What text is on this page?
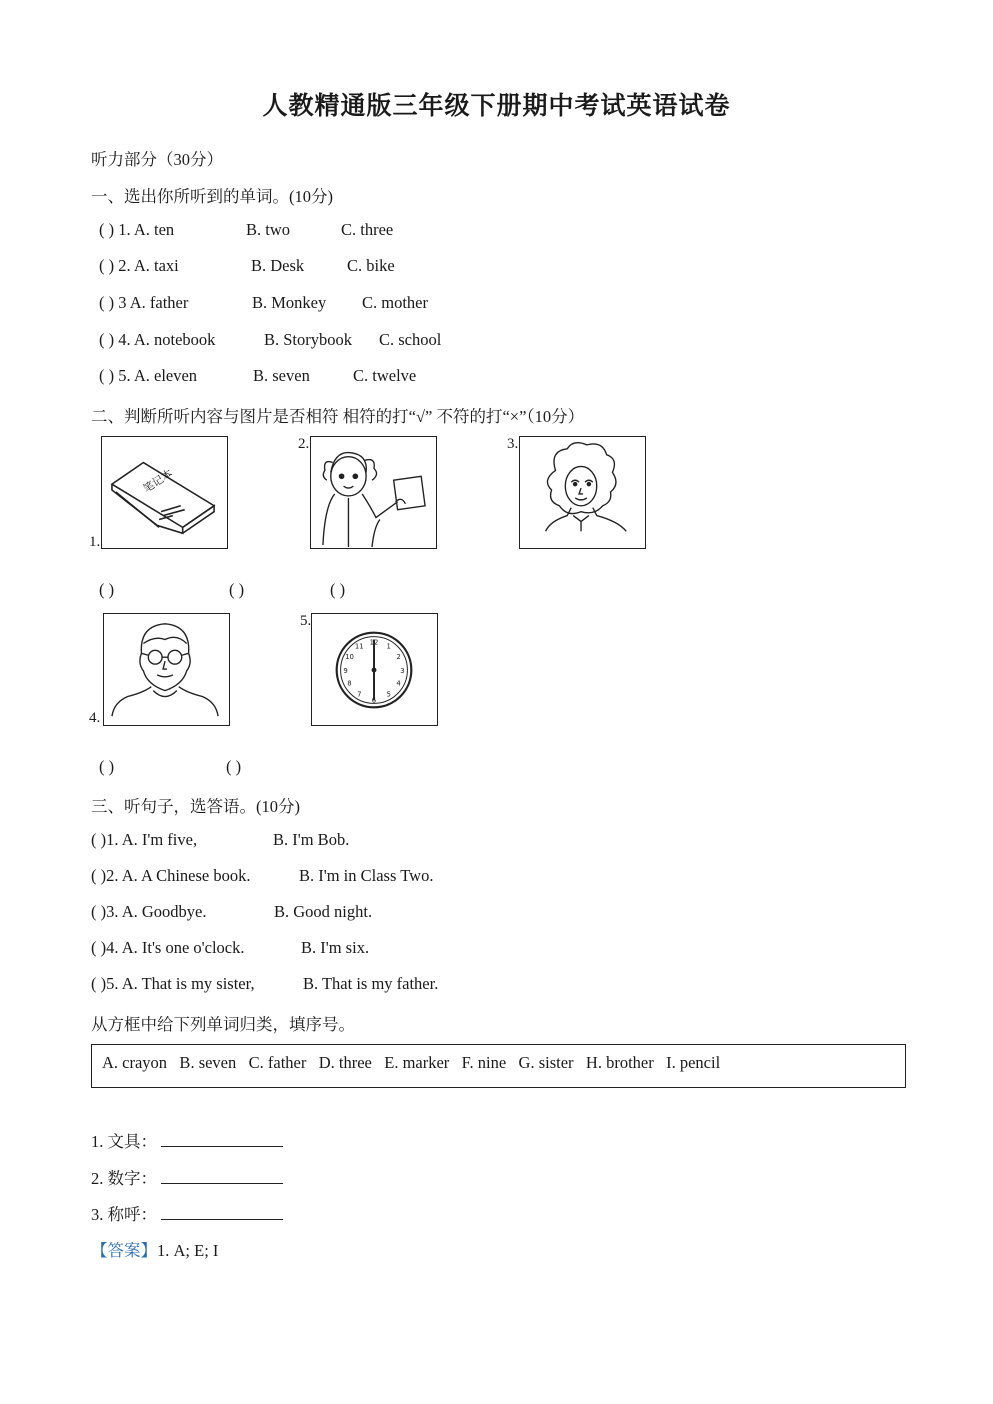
人教精通版三年级下册期中考试英语试卷
听力部分（30分）
一、选出你所听到的单词。(10分)
( ) 1. A. ten	B. two	C. three
( ) 2. A. taxi	B. Desk	C. bike
( ) 3 A. father	B. Monkey C. mother
( ) 4. A. notebook	B. Storybook C. school
( ) 5. A. eleven	B. seven	C. twelve
二、判断所听内容与图片是否相符 相符的打“√” 不符的打“×”（10分）
1.
笔记本
2.	3.
( )	( )	( )
4.
5.
12 1
2
3
4
5
6
7
8
9
10
11
( )	( )
三、听句子，选答语。(10分)
( )1. A. I'm five,	B. I'm Bob.
( )2. A. A Chinese book.	B. I'm in Class Two.
( )3. A. Goodbye.	B. Good night.
( )4. A. It's one o'clock.	B. I'm six.
( )5. A. That is my sister,	B. That is my father.
从方框中给下列单词归类，填序号。
A. crayon   B. seven   C. father   D. three   E. marker   F. nine   G. sister   H. brother   I. pencil
1. 文具：
2. 数字：
3. 称呼：
【答案】1. A; E; I
